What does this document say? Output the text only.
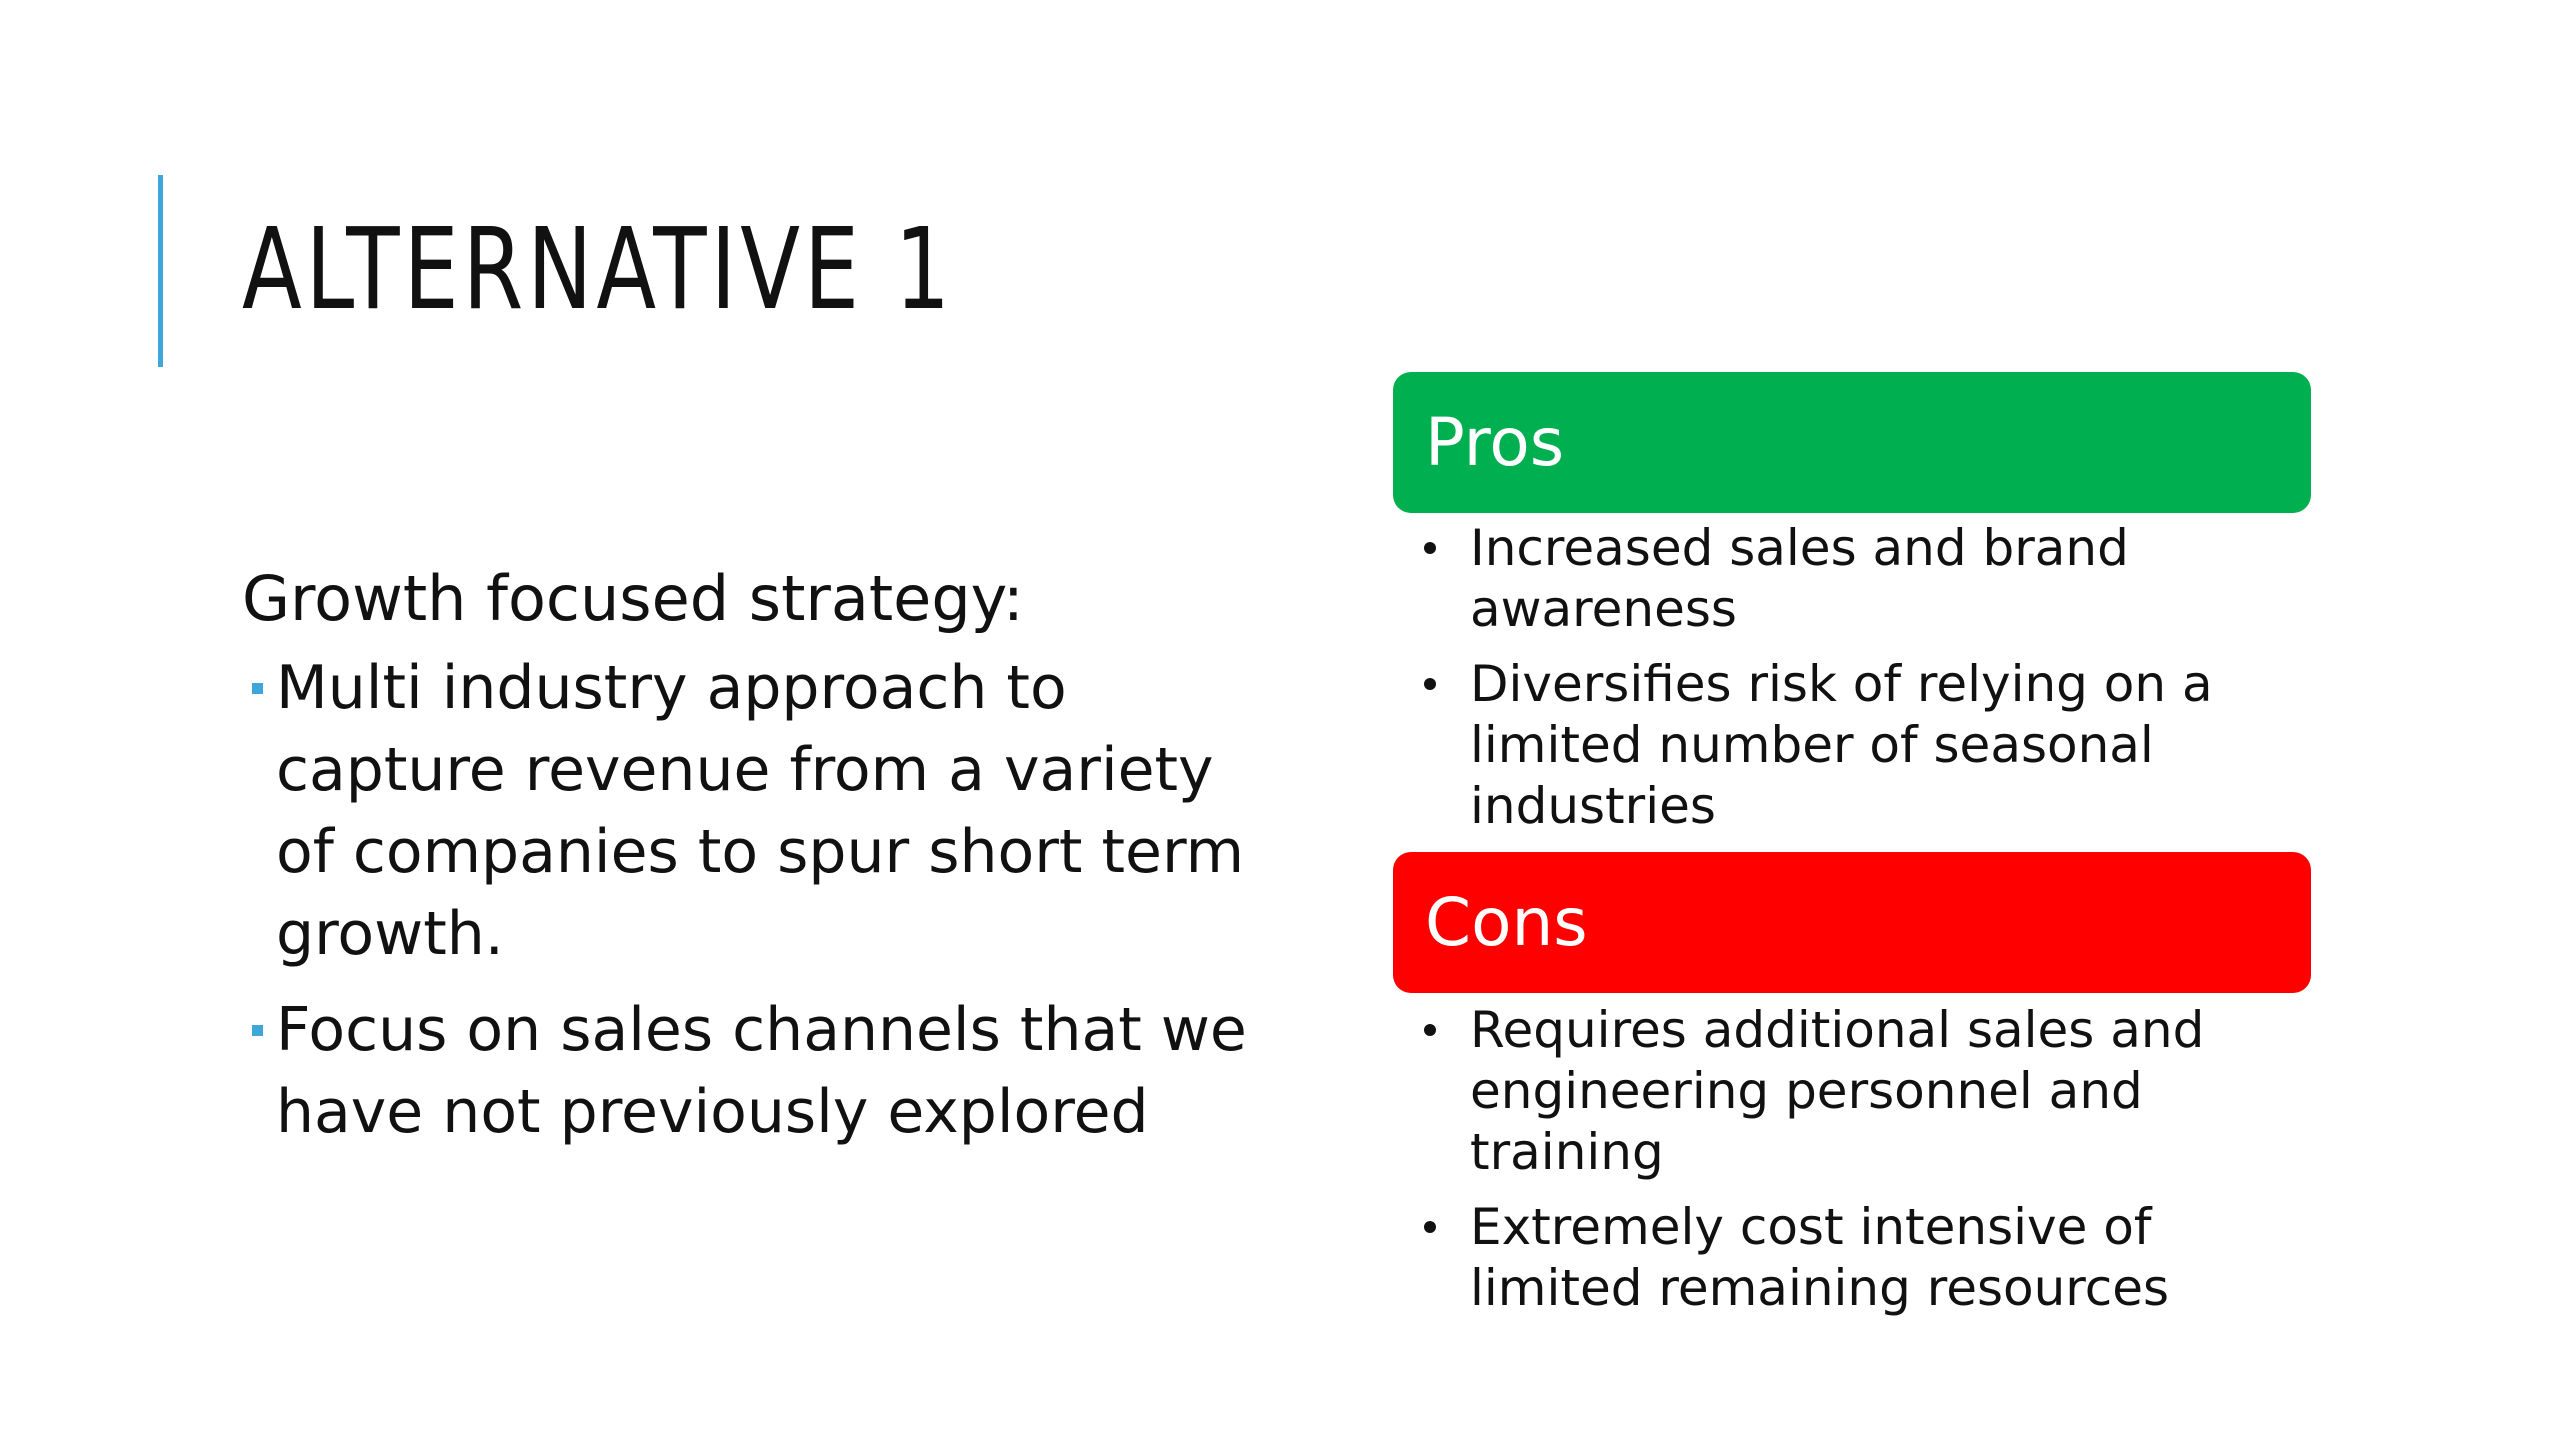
ALTERNATIVE 1

Growth focused strategy:

Multi industry approach to capture revenue from a variety of companies to spur short term growth.
Focus on sales channels that we have not previously explored
Pros
Increased sales and brand awareness
Diversifies risk of relying on a limited number of seasonal industries
Cons
Requires additional sales and engineering personnel and training
Extremely cost intensive of limited remaining resources
